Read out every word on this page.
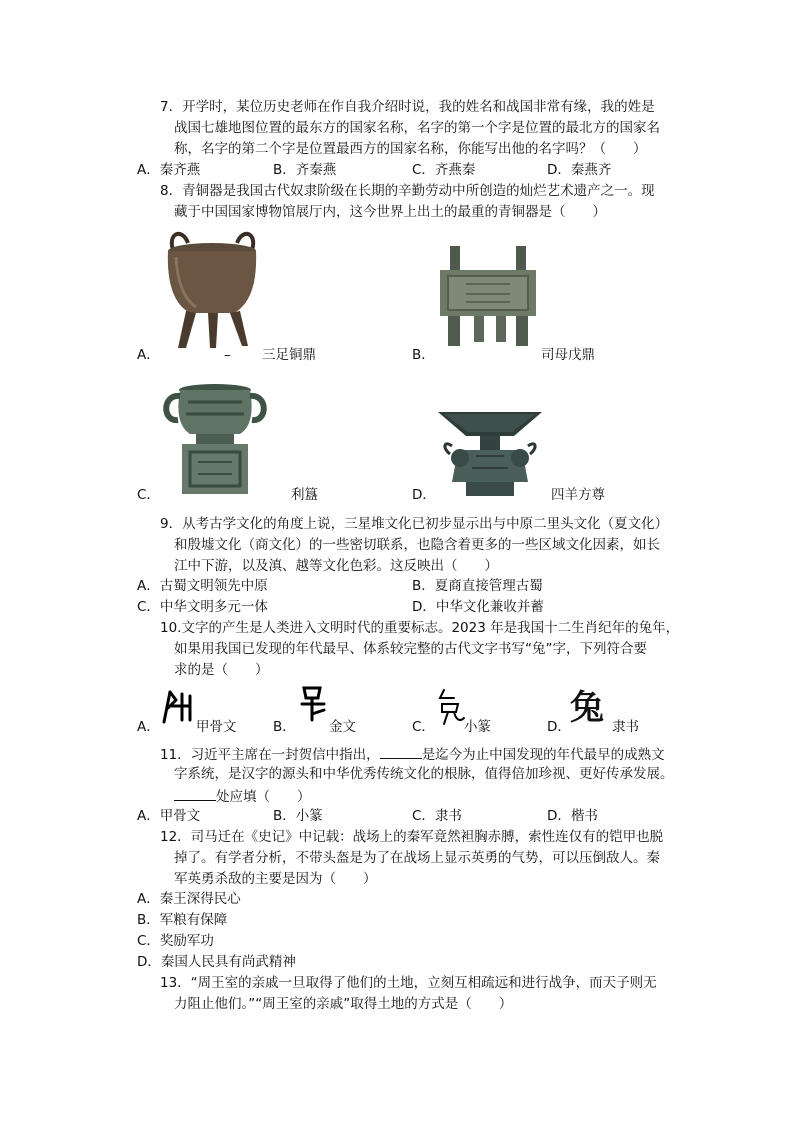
7．开学时，某位历史老师在作自我介绍时说，我的姓名和战国非常有缘，我的姓是
战国七雄地图位置的最东方的国家名称，名字的第一个字是位置的最北方的国家名
称，名字的第二个字是位置最西方的国家名称，你能写出他的名字吗？（　　）
A．秦齐燕	B．齐秦燕	C．齐燕秦	D．秦燕齐
8．青铜器是我国古代奴隶阶级在长期的辛勤劳动中所创造的灿烂艺术遗产之一。现
藏于中国国家博物馆展厅内，这今世界上出土的最重的青铜器是（　　）
A．	– 三足铜鼎	B．	司母戊鼎
C．	利簋	D．	四羊方尊
9．从考古学文化的角度上说，三星堆文化已初步显示出与中原二里头文化（夏文化）
和殷墟文化（商文化）的一些密切联系，也隐含着更多的一些区域文化因素，如长
江中下游，以及滇、越等文化色彩。这反映出（　　）
A．古蜀文明领先中原	B．夏商直接管理古蜀
C．中华文明多元一体	D．中华文化兼收并蓄
10.文字的产生是人类进入文明时代的重要标志。2023 年是我国十二生肖纪年的兔年，
如果用我国已发现的年代最早、体系较完整的古代文字书写“兔”字，下列符合要
求的是（　　）
A．	甲骨文	B． 金文	C． 小篆	D． 兔 隶书
11．习近平主席在一封贺信中指出，	是迄今为止中国发现的年代最早的成熟文
字系统，是汉字的源头和中华优秀传统文化的根脉，值得倍加珍视、更好传承发展。
处应填（　　）
A．甲骨文	B．小篆	C．隶书	D．楷书
12．司马迁在《史记》中记载：战场上的秦军竟然袒胸赤膊，索性连仅有的铠甲也脱
掉了。有学者分析，不带头盔是为了在战场上显示英勇的气势，可以压倒敌人。秦
军英勇杀敌的主要是因为（　　）
A．秦王深得民心
B．军粮有保障
C．奖励军功
D．秦国人民具有尚武精神
13．“周王室的亲戚一旦取得了他们的土地，立刻互相疏远和进行战争，而天子则无
力阻止他们。”“周王室的亲戚”取得土地的方式是（　　）
